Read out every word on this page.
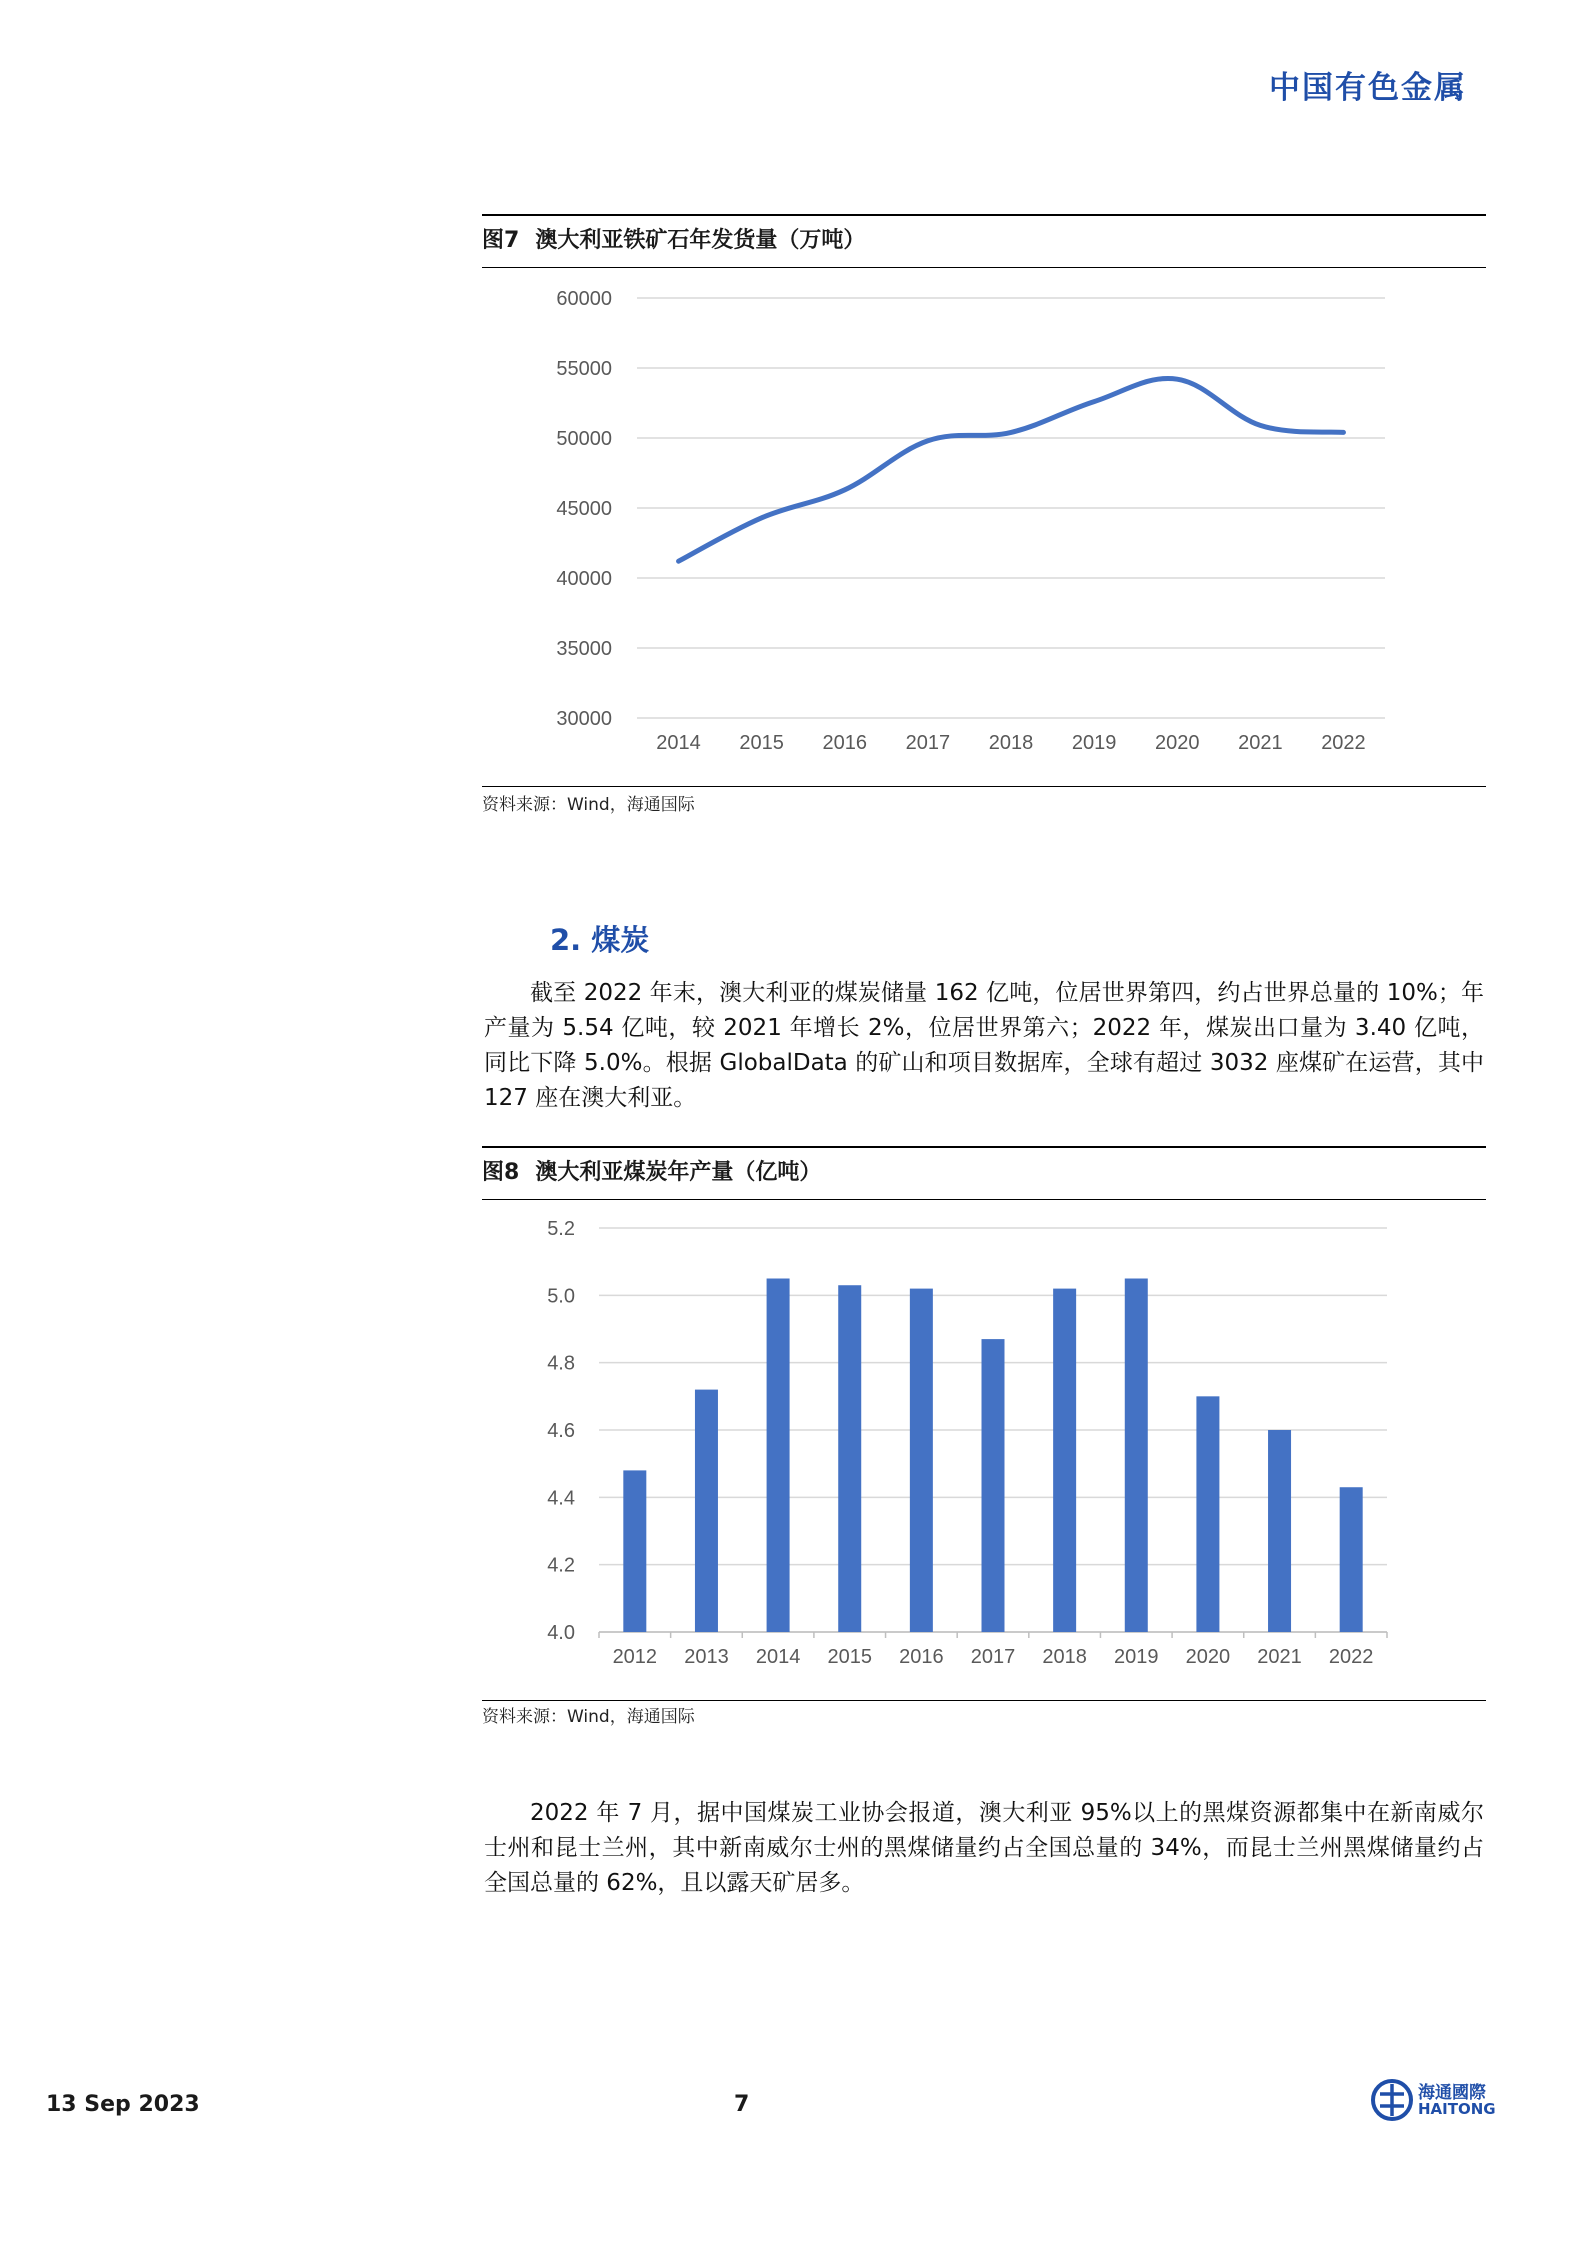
中国有色金属
图7 澳大利亚铁矿石年发货量（万吨）
30000
35000
40000
45000
50000
55000
60000
2014 2015 2016 2017 2018 2019 2020 2021 2022
资料来源：Wind，海通国际
2. 煤炭

截至 2022 年末，澳大利亚的煤炭储量 162 亿吨，位居世界第四，约占世界总量的 10%；年产量为 5.54 亿吨，较 2021 年增长 2%，位居世界第六；2022 年，煤炭出口量为 3.40 亿吨，同比下降 5.0%。根据 GlobalData 的矿山和项目数据库，全球有超过 3032 座煤矿在运营，其中 127 座在澳大利亚。

图8 澳大利亚煤炭年产量（亿吨）
4.0
4.2
4.4
4.6
4.8
5.0
5.2
2012 2013 2014 2015 2016 2017 2018 2019 2020 2021 2022
资料来源：Wind，海通国际

2022 年 7 月，据中国煤炭工业协会报道，澳大利亚 95%以上的黑煤资源都集中在新南威尔士州和昆士兰州，其中新南威尔士州的黑煤储量约占全国总量的 34%，而昆士兰州黑煤储量约占全国总量的 62%，且以露天矿居多。

13 Sep 2023	7	海通國際
HAITONG
